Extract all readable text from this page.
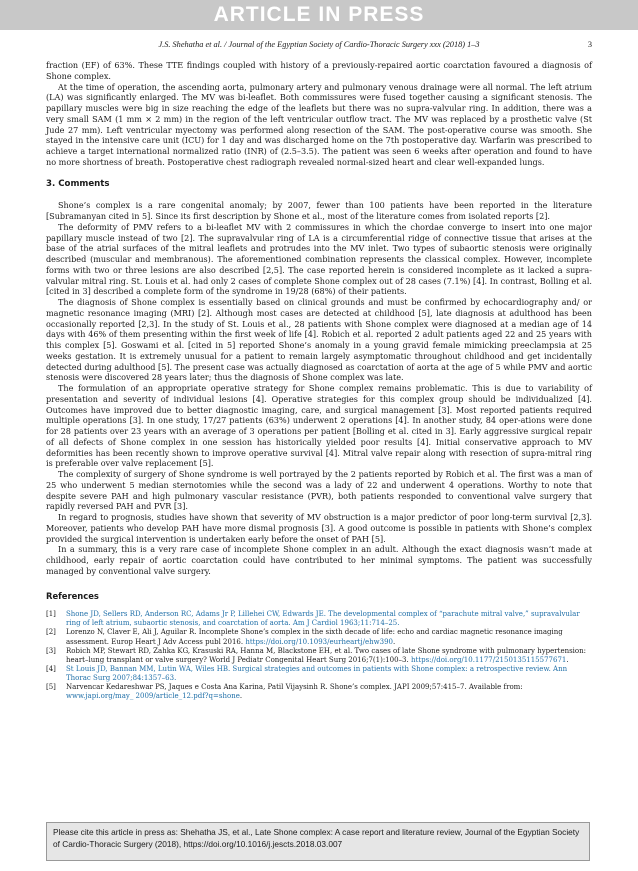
ARTICLE IN PRESS
J.S. Shehatha et al. / Journal of the Egyptian Society of Cardio-Thoracic Surgery xxx (2018) 1–3	3

fraction (EF) of 63%. These TTE findings coupled with history of a previously-repaired aortic coarctation favoured a diagnosis of Shone complex.

At the time of operation, the ascending aorta, pulmonary artery and pulmonary venous drainage were all normal. The left atrium (LA) was significantly enlarged. The MV was bi-leaflet. Both commissures were fused together causing a significant stenosis. The papillary muscles were big in size reaching the edge of the leaflets but there was no supra-valvular ring. In addition, there was a very small SAM (1 mm × 2 mm) in the region of the left ventricular outflow tract. The MV was replaced by a prosthetic valve (St Jude 27 mm). Left ventricular myectomy was performed along resection of the SAM. The post-operative course was smooth. She stayed in the intensive care unit (ICU) for 1 day and was discharged home on the 7th postoperative day. Warfarin was prescribed to achieve a target international normalized ratio (INR) of (2.5–3.5). The patient was seen 6 weeks after operation and found to have no more shortness of breath. Postoperative chest radiograph revealed normal-sized heart and clear well-expanded lungs.

3. Comments

Shone’s complex is a rare congenital anomaly; by 2007, fewer than 100 patients have been reported in the literature [Subramanyan cited in 5]. Since its first description by Shone et al., most of the literature comes from isolated reports [2].

The deformity of PMV refers to a bi-leaflet MV with 2 commissures in which the chordae converge to insert into one major papillary muscle instead of two [2]. The supravalvular ring of LA is a circumferential ridge of connective tissue that arises at the base of the atrial surfaces of the mitral leaflets and protrudes into the MV inlet. Two types of subaortic stenosis were originally described (muscular and membranous). The aforementioned combination represents the classical complex. However, incomplete forms with two or three lesions are also described [2,5]. The case reported herein is considered incomplete as it lacked a supra-valvular mitral ring. St. Louis et al. had only 2 cases of complete Shone complex out of 28 cases (7.1%) [4]. In contrast, Bolling et al. [cited in 3] described a complete form of the syndrome in 19/28 (68%) of their patients.

The diagnosis of Shone complex is essentially based on clinical grounds and must be confirmed by echocardiography and/ or magnetic resonance imaging (MRI) [2]. Although most cases are detected at childhood [5], late diagnosis at adulthood has been occasionally reported [2,3]. In the study of St. Louis et al., 28 patients with Shone complex were diagnosed at a median age of 14 days with 46% of them presenting within the first week of life [4]. Robich et al. reported 2 adult patients aged 22 and 25 years with this complex [5]. Goswami et al. [cited in 5] reported Shone’s anomaly in a young gravid female mimicking preeclampsia at 25 weeks gestation. It is extremely unusual for a patient to remain largely asymptomatic throughout childhood and get incidentally detected during adulthood [5]. The present case was actually diagnosed as coarctation of aorta at the age of 5 while PMV and aortic stenosis were discovered 28 years later; thus the diagnosis of Shone complex was late.

The formulation of an appropriate operative strategy for Shone complex remains problematic. This is due to variability of presentation and severity of individual lesions [4]. Operative strategies for this complex group should be individualized [4]. Outcomes have improved due to better diagnostic imaging, care, and surgical management [3]. Most reported patients required multiple operations [3]. In one study, 17/27 patients (63%) underwent 2 operations [4]. In another study, 84 oper-ations were done for 28 patients over 23 years with an average of 3 operations per patient [Bolling et al. cited in 3]. Early aggressive surgical repair of all defects of Shone complex in one session has historically yielded poor results [4]. Initial conservative approach to MV deformities has been recently shown to improve operative survival [4]. Mitral valve repair along with resection of supra-mitral ring is preferable over valve replacement [5].

The complexity of surgery of Shone syndrome is well portrayed by the 2 patients reported by Robich et al. The first was a man of 25 who underwent 5 median sternotomies while the second was a lady of 22 and underwent 4 operations. Worthy to note that despite severe PAH and high pulmonary vascular resistance (PVR), both patients responded to conventional valve surgery that rapidly reversed PAH and PVR [3].

In regard to prognosis, studies have shown that severity of MV obstruction is a major predictor of poor long-term survival [2,3]. Moreover, patients who develop PAH have more dismal prognosis [3]. A good outcome is possible in patients with Shone’s complex provided the surgical intervention is undertaken early before the onset of PAH [5].

In a summary, this is a very rare case of incomplete Shone complex in an adult. Although the exact diagnosis wasn’t made at childhood, early repair of aortic coarctation could have contributed to her minimal symptoms. The patient was successfully managed by conventional valve surgery.

References
[1]	Shone JD, Sellers RD, Anderson RC, Adams Jr P, Lillehei CW, Edwards JE. The developmental complex of “parachute mitral valve,” supravalvular ring of left atrium, subaortic stenosis, and coarctation of aorta. Am J Cardiol 1963;11:714–25.
[2]	Lorenzo N, Claver E, Ali J, Aguilar R. Incomplete Shone’s complex in the sixth decade of life: echo and cardiac magnetic resonance imaging assessment. Europ Heart J Adv Access publ 2016. https://doi.org/10.1093/eurheartj/ehw390.
[3]	Robich MP, Stewart RD, Zahka KG, Krasuski RA, Hanna M, Blackstone EH, et al. Two cases of late Shone syndrome with pulmonary hypertension: heart–lung transplant or valve surgery? World J Pediatr Congenital Heart Surg 2016;7(1):100–3. https://doi.org/10.1177/2150135115577671.
[4]	St Louis JD, Bannan MM, Lutin WA, Wiles HB. Surgical strategies and outcomes in patients with Shone complex: a retrospective review. Ann Thorac Surg 2007;84:1357–63.
[5]	Narvencar Kedareshwar PS, Jaques e Costa Ana Karina, Patil Vijaysinh R. Shone’s complex. JAPI 2009;57:415–7. Available from: www.japi.org/may_ 2009/article_12.pdf?q=shone.
Please cite this article in press as: Shehatha JS, et al., Late Shone complex: A case report and literature review, Journal of the Egyptian Society of Cardio-Thoracic Surgery (2018), https://doi.org/10.1016/j.jescts.2018.03.007
